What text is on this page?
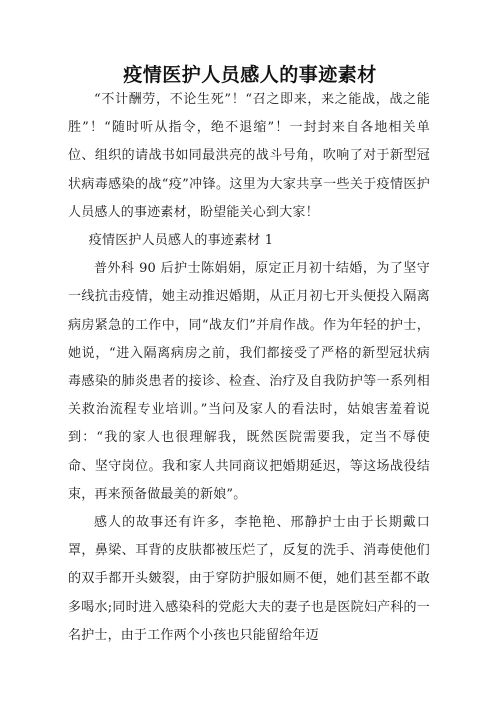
疫情医护人员感人的事迹素材

“不计酬劳，不论生死”！“召之即来，来之能战，战之能胜”！“随时听从指令，绝不退缩”！一封封来自各地相关单位、组织的请战书如同最洪亮的战斗号角，吹响了对于新型冠状病毒感染的战“疫”冲锋。这里为大家共享一些关于疫情医护人员感人的事迹素材，盼望能关心到大家！

疫情医护人员感人的事迹素材 1

普外科 90 后护士陈娟娟，原定正月初十结婚，为了坚守一线抗击疫情，她主动推迟婚期，从正月初七开头便投入隔离病房紧急的工作中，同“战友们”并肩作战。作为年轻的护士，她说，“进入隔离病房之前，我们都接受了严格的新型冠状病毒感染的肺炎患者的接诊、检查、治疗及自我防护等一系列相关救治流程专业培训。”当问及家人的看法时，姑娘害羞着说到：“我的家人也很理解我，既然医院需要我，定当不辱使命、坚守岗位。我和家人共同商议把婚期延迟，等这场战役结束，再来预备做最美的新娘”。

感人的故事还有许多，李艳艳、邢静护士由于长期戴口罩，鼻梁、耳背的皮肤都被压烂了，反复的洗手、消毒使他们的双手都开头皴裂，由于穿防护服如厕不便，她们甚至都不敢多喝水;同时进入感染科的党彪大夫的妻子也是医院妇产科的一名护士，由于工作两个小孩也只能留给年迈
